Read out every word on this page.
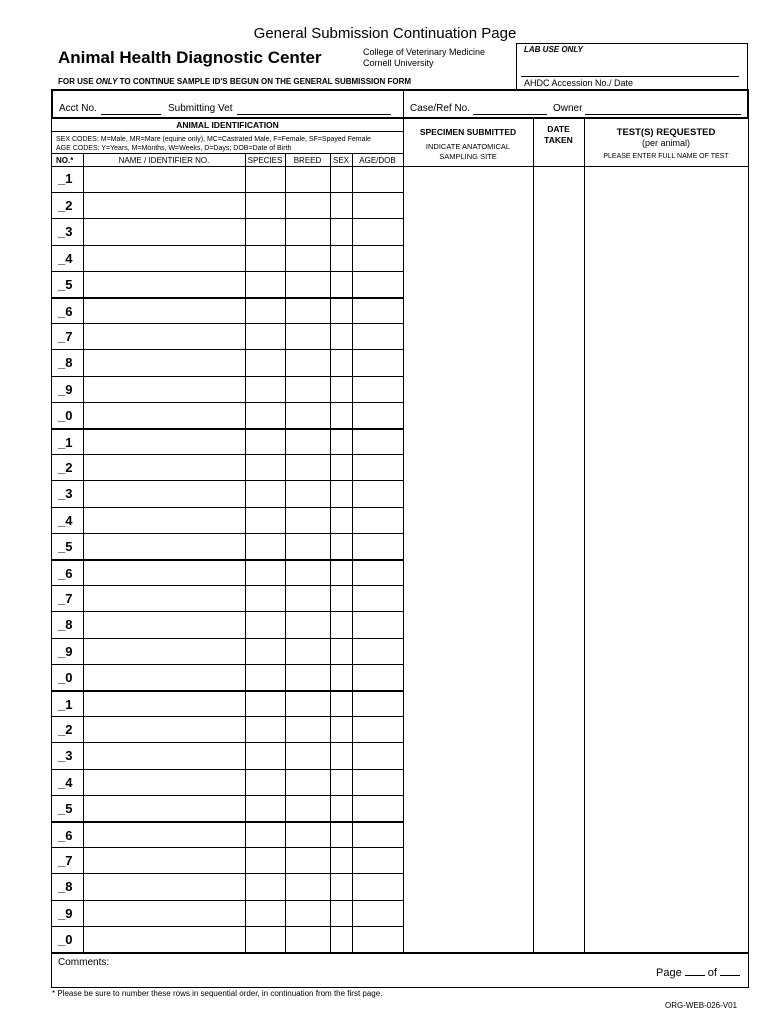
General Submission Continuation Page
Animal Health Diagnostic Center	College of Veterinary Medicine
Cornell University
FOR USE ONLY TO CONTINUE SAMPLE ID'S BEGUN ON THE GENERAL SUBMISSION FORM
LAB USE ONLY
AHDC Accession No./ Date
Acct No.	Submitting Vet	Case/Ref No.	Owner
ANIMAL IDENTIFICATION
SEX CODES: M=Male, MR=Mare (equine only), MC=Castrated Male, F=Female, SF=Spayed Female
AGE CODES: Y=Years, M=Months, W=Weeks, D=Days; DOB=Date of Birth
NO.*	NAME / IDENTIFIER NO.	SPECIES	BREED	SEX	AGE/DOB
SPECIMEN SUBMITTED
INDICATE ANATOMICAL
SAMPLING SITE
DATE
TAKEN
TEST(S) REQUESTED
(per animal)
PLEASE ENTER FULL NAME OF TEST
_1
_2
_3
_4
_5
_6
_7
_8
_9
_0
_1
_2
_3
_4
_5
_6
_7
_8
_9
_0
_1
_2
_3
_4
_5
_6
_7
_8
_9
_0
Comments:
Page  of
* Please be sure to number these rows in sequential order, in continuation from the first page.
ORG-WEB-026-V01
